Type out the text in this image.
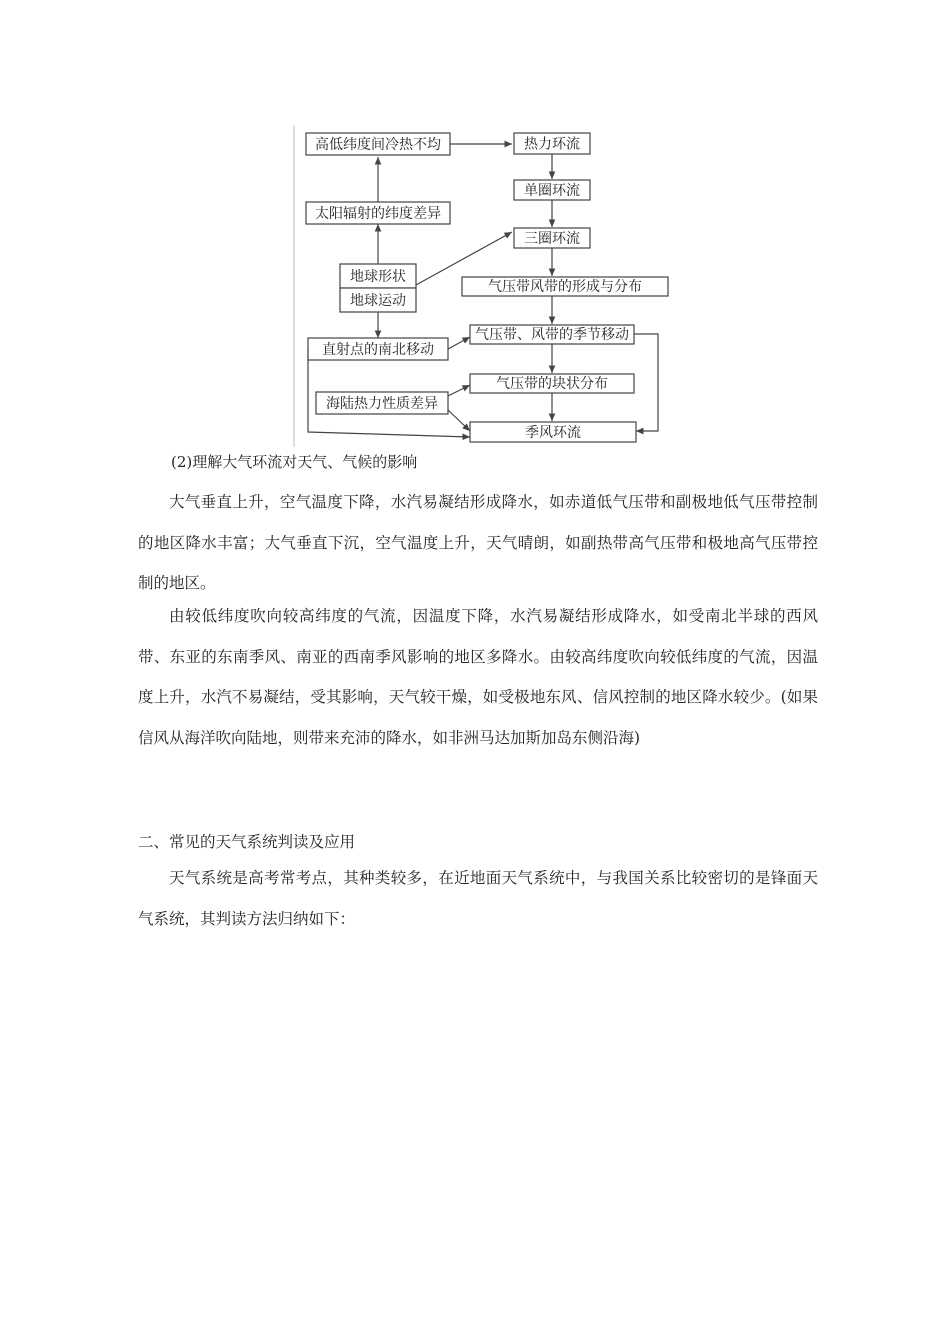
高低纬度间冷热不均	热力环流
单圈环流
太阳辐射的纬度差异
三圈环流
地球形状
地球运动
气压带风带的形成与分布
直射点的南北移动
气压带、风带的季节移动
海陆热力性质差异
气压带的块状分布
季风环流

(2)理解大气环流对天气、气候的影响

大气垂直上升，空气温度下降，水汽易凝结形成降水，如赤道低气压带和副极地低气压带控制的地区降水丰富；大气垂直下沉，空气温度上升，天气晴朗，如副热带高气压带和极地高气压带控制的地区。

由较低纬度吹向较高纬度的气流，因温度下降，水汽易凝结形成降水，如受南北半球的西风带、东亚的东南季风、南亚的西南季风影响的地区多降水。由较高纬度吹向较低纬度的气流，因温度上升，水汽不易凝结，受其影响，天气较干燥，如受极地东风、信风控制的地区降水较少。(如果信风从海洋吹向陆地，则带来充沛的降水，如非洲马达加斯加岛东侧沿海)

二、常见的天气系统判读及应用

天气系统是高考常考点，其种类较多，在近地面天气系统中，与我国关系比较密切的是锋面天气系统，其判读方法归纳如下：
